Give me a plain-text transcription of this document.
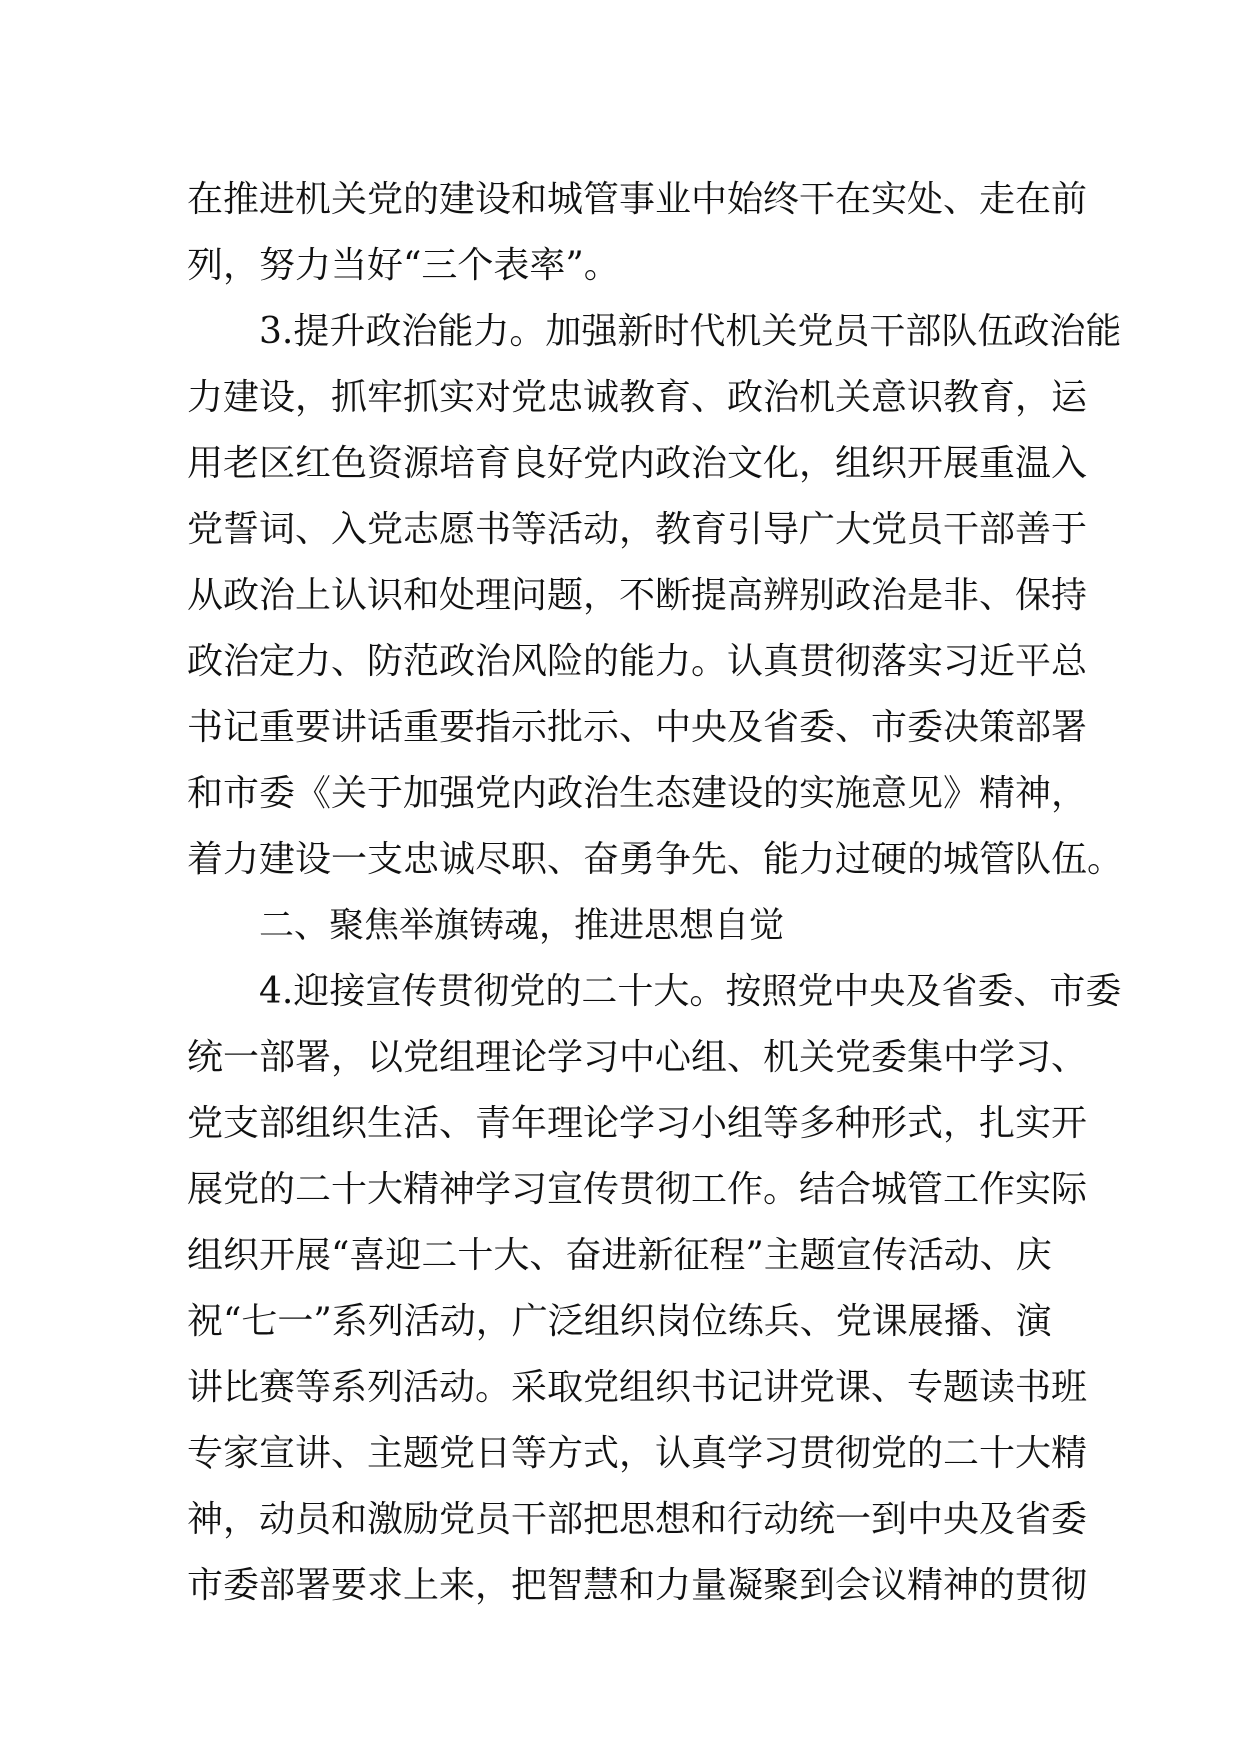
在推进机关党的建设和城管事业中始终干在实处、走在前
列，努力当好“三个表率”。
3.提升政治能力。加强新时代机关党员干部队伍政治能
力建设，抓牢抓实对党忠诚教育、政治机关意识教育，运
用老区红色资源培育良好党内政治文化，组织开展重温入
党誓词、入党志愿书等活动，教育引导广大党员干部善于
从政治上认识和处理问题，不断提高辨别政治是非、保持
政治定力、防范政治风险的能力。认真贯彻落实习近平总
书记重要讲话重要指示批示、中央及省委、市委决策部署
和市委《关于加强党内政治生态建设的实施意见》精神，
着力建设一支忠诚尽职、奋勇争先、能力过硬的城管队伍。
二、聚焦举旗铸魂，推进思想自觉
4.迎接宣传贯彻党的二十大。按照党中央及省委、市委
统一部署，以党组理论学习中心组、机关党委集中学习、
党支部组织生活、青年理论学习小组等多种形式，扎实开
展党的二十大精神学习宣传贯彻工作。结合城管工作实际
组织开展“喜迎二十大、奋进新征程”主题宣传活动、庆
祝“七一”系列活动，广泛组织岗位练兵、党课展播、演
讲比赛等系列活动。采取党组织书记讲党课、专题读书班
专家宣讲、主题党日等方式，认真学习贯彻党的二十大精
神，动员和激励党员干部把思想和行动统一到中央及省委
市委部署要求上来，把智慧和力量凝聚到会议精神的贯彻
